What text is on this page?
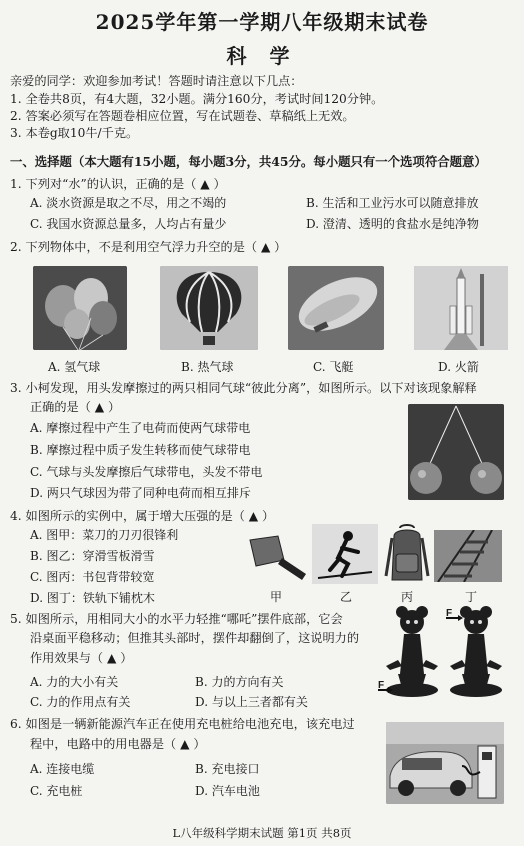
2025学年第一学期八年级期末试卷
科 学
亲爱的同学：欢迎参加考试！答题时请注意以下几点：
1. 全卷共8页，有4大题，32小题。满分160分，考试时间120分钟。
2. 答案必须写在答题卷相应位置，写在试题卷、草稿纸上无效。
3. 本卷g取10牛/千克。
一、选择题（本大题有15小题，每小题3分，共45分。每小题只有一个选项符合题意）
1. 下列对“水”的认识，正确的是（ ▲ ）
A. 淡水资源是取之不尽，用之不竭的	B. 生活和工业污水可以随意排放
C. 我国水资源总量多，人均占有量少	D. 澄清、透明的食盐水是纯净物
2. 下列物体中，不是利用空气浮力升空的是（ ▲ ）
A. 氢气球	B. 热气球	C. 飞艇	D. 火箭
3. 小柯发现，用头发摩擦过的两只相同气球“彼此分离”，如图所示。以下对该现象解释
正确的是（ ▲ ）
A. 摩擦过程中产生了电荷而使两气球带电
B. 摩擦过程中质子发生转移而使气球带电
C. 气球与头发摩擦后气球带电，头发不带电
D. 两只气球因为带了同种电荷而相互排斥
4. 如图所示的实例中，属于增大压强的是（ ▲ ）
A. 图甲：菜刀的刀刃很锋利
B. 图乙：穿滑雪板滑雪
C. 图丙：书包背带较宽
D. 图丁：铁轨下铺枕木	甲	乙	丙	丁
5. 如图所示，用相同大小的水平力轻推“哪吒”摆件底部，它会
沿桌面平稳移动；但推其头部时，摆件却翻倒了，这说明力的
作用效果与（ ▲ ）
A. 力的大小有关	B. 力的方向有关
C. 力的作用点有关	D. 与以上三者都有关
F
F
6. 如图是一辆新能源汽车正在使用充电桩给电池充电，该充电过
程中，电路中的用电器是（ ▲ ）
A. 连接电缆	B. 充电接口
C. 充电桩	D. 汽车电池
L八年级科学期末试题 第1页 共8页
